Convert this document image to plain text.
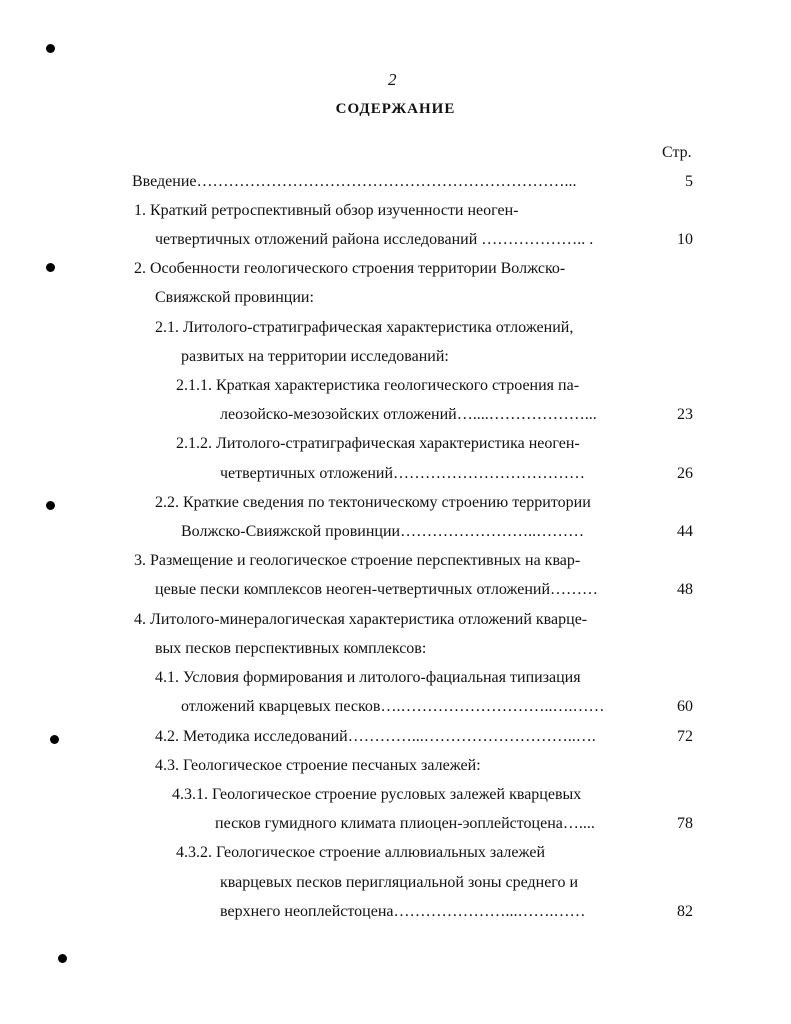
2
СОДЕРЖАНИЕ
Стр.
Введение……………………………………………………………...	5
1. Краткий ретроспективный обзор изученности неоген-
четвертичных отложений района исследований ……………….. .	10
2. Особенности геологического строения территории Волжско-
Свияжской провинции:
2.1. Литолого-стратиграфическая характеристика отложений,
развитых на территории исследований:
2.1.1. Краткая характеристика геологического строения па-
леозойско-мезозойских отложений…....………………...	23
2.1.2. Литолого-стратиграфическая характеристика неоген-
четвертичных отложений………………………………	26
2.2. Краткие сведения по тектоническому строению территории
Волжско-Свияжской провинции……………………..………	44
3. Размещение и геологическое строение перспективных на квар-
цевые пески комплексов неоген-четвертичных отложений………	48
4. Литолого-минералогическая характеристика отложений кварце-
вых песков перспективных комплексов:
4.1. Условия формирования и литолого-фациальная типизация
отложений кварцевых песков….………………………..….……	60
4.2. Методика исследований…………...………………………..….	72
4.3. Геологическое строение песчаных залежей:
4.3.1. Геологическое строение русловых залежей кварцевых
песков гумидного климата плиоцен-эоплейстоцена…....	78
4.3.2. Геологическое строение аллювиальных залежей
кварцевых песков перигляциальной зоны среднего и
верхнего неоплейстоцена…………………...…….……	82
